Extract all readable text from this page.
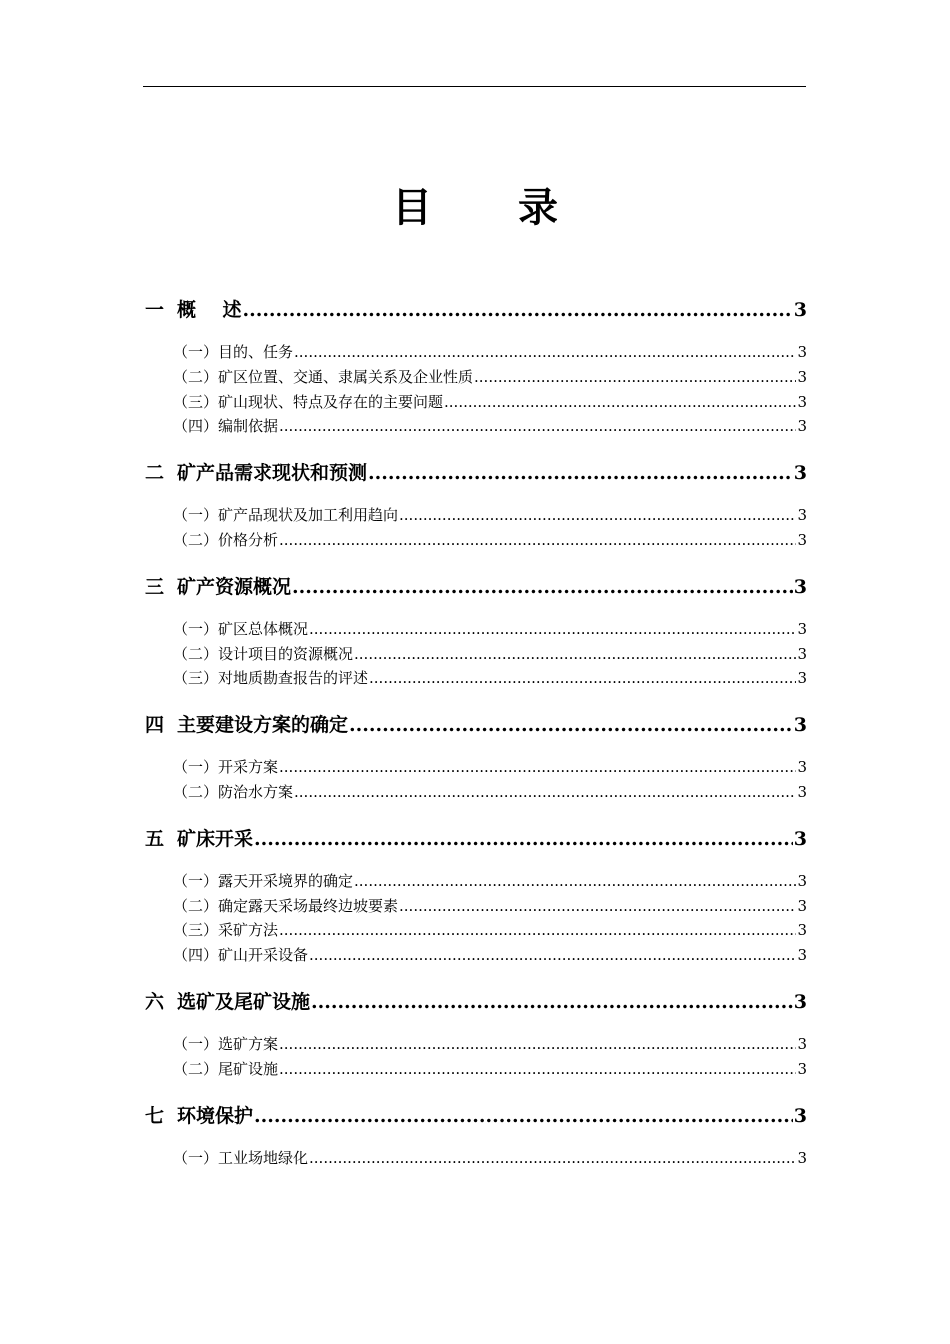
目 录
一 概    述 .....	3
（一）目的、任务 .....	3
（二）矿区位置、交通、隶属关系及企业性质 .....	3
（三）矿山现状、特点及存在的主要问题 .....	3
（四）编制依据 .....	3
二 矿产品需求现状和预测 .....	3
（一）矿产品现状及加工利用趋向 .....	3
（二）价格分析 .....	3
三 矿产资源概况 .....	3
（一）矿区总体概况 .....	3
（二）设计项目的资源概况 .....	3
（三）对地质勘查报告的评述 .....	3
四 主要建设方案的确定 .....	3
（一）开采方案 .....	3
（二）防治水方案 .....	3
五 矿床开采 .....	3
（一）露天开采境界的确定 .....	3
（二）确定露天采场最终边坡要素 .....	3
（三）采矿方法 .....	3
（四）矿山开采设备 .....	3
六 选矿及尾矿设施 .....	3
（一）选矿方案 .....	3
（二）尾矿设施 .....	3
七 环境保护 .....	3
（一）工业场地绿化 .....	3
